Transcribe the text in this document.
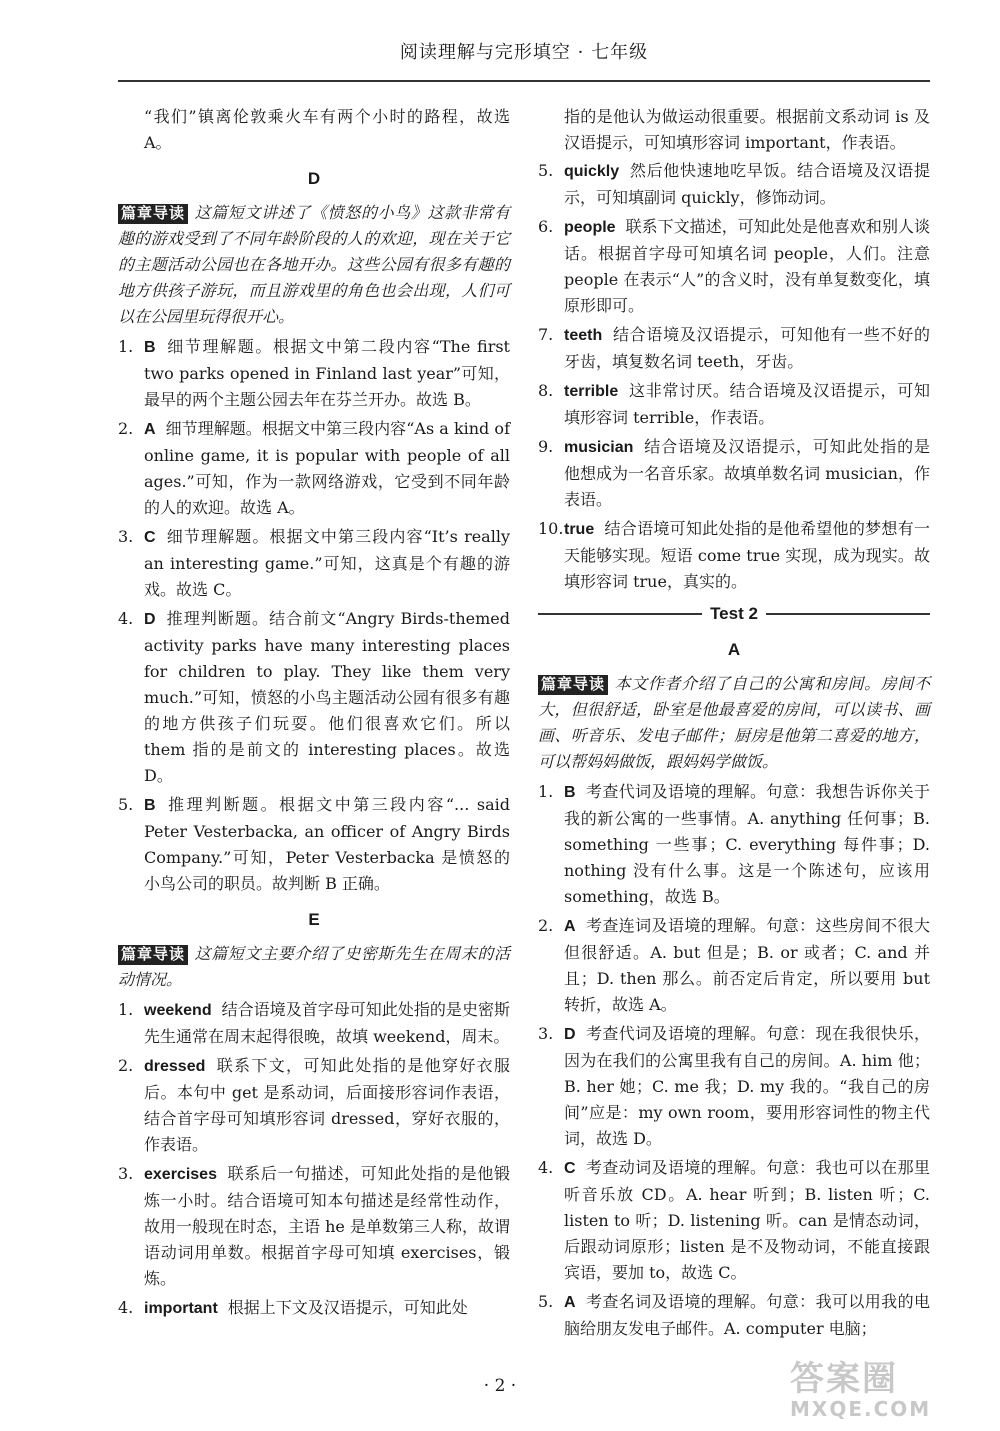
阅读理解与完形填空 · 七年级

“我们”镇离伦敦乘火车有两个小时的路程，故选 A。

D

篇章导读 这篇短文讲述了《愤怒的小鸟》这款非常有趣的游戏受到了不同年龄阶段的人的欢迎，现在关于它的主题活动公园也在各地开办。这些公园有很多有趣的地方供孩子游玩，而且游戏里的角色也会出现，人们可以在公园里玩得很开心。

1. B 细节理解题。根据文中第二段内容“The first two parks opened in Finland last year”可知，最早的两个主题公园去年在芬兰开办。故选 B。
2. A 细节理解题。根据文中第三段内容“As a kind of online game, it is popular with people of all ages.”可知，作为一款网络游戏，它受到不同年龄的人的欢迎。故选 A。
3. C 细节理解题。根据文中第三段内容“It’s really an interesting game.”可知，这真是个有趣的游戏。故选 C。
4. D 推理判断题。结合前文“Angry Birds-themed activity parks have many interesting places for children to play. They like them very much.”可知，愤怒的小鸟主题活动公园有很多有趣的地方供孩子们玩耍。他们很喜欢它们。所以 them 指的是前文的 interesting places。故选 D。
5. B 推理判断题。根据文中第三段内容“... said Peter Vesterbacka, an officer of Angry Birds Company.”可知，Peter Vesterbacka 是愤怒的小鸟公司的职员。故判断 B 正确。
E

篇章导读 这篇短文主要介绍了史密斯先生在周末的活动情况。

1. weekend 结合语境及首字母可知此处指的是史密斯先生通常在周末起得很晚，故填 weekend，周末。
2. dressed 联系下文，可知此处指的是他穿好衣服后。本句中 get 是系动词，后面接形容词作表语，结合首字母可知填形容词 dressed，穿好衣服的，作表语。
3. exercises 联系后一句描述，可知此处指的是他锻炼一小时。结合语境可知本句描述是经常性动作，故用一般现在时态，主语 he 是单数第三人称，故谓语动词用单数。根据首字母可知填 exercises，锻炼。
4. important 根据上下文及汉语提示，可知此处

指的是他认为做运动很重要。根据前文系动词 is 及汉语提示，可知填形容词 important，作表语。

5. quickly 然后他快速地吃早饭。结合语境及汉语提示，可知填副词 quickly，修饰动词。
6. people 联系下文描述，可知此处是他喜欢和别人谈话。根据首字母可知填名词 people，人们。注意 people 在表示“人”的含义时，没有单复数变化，填原形即可。
7. teeth 结合语境及汉语提示，可知他有一些不好的牙齿，填复数名词 teeth，牙齿。
8. terrible 这非常讨厌。结合语境及汉语提示，可知填形容词 terrible，作表语。
9. musician 结合语境及汉语提示，可知此处指的是他想成为一名音乐家。故填单数名词 musician，作表语。
10. true 结合语境可知此处指的是他希望他的梦想有一天能够实现。短语 come true 实现，成为现实。故填形容词 true，真实的。
Test 2
A

篇章导读 本文作者介绍了自己的公寓和房间。房间不大，但很舒适，卧室是他最喜爱的房间，可以读书、画画、听音乐、发电子邮件；厨房是他第二喜爱的地方，可以帮妈妈做饭，跟妈妈学做饭。

1. B 考查代词及语境的理解。句意：我想告诉你关于我的新公寓的一些事情。A. anything 任何事；B. something 一些事；C. everything 每件事；D. nothing 没有什么事。这是一个陈述句，应该用 something，故选 B。
2. A 考查连词及语境的理解。句意：这些房间不很大但很舒适。A. but 但是；B. or 或者；C. and 并且；D. then 那么。前否定后肯定，所以要用 but 转折，故选 A。
3. D 考查代词及语境的理解。句意：现在我很快乐，因为在我们的公寓里我有自己的房间。A. him 他；B. her 她；C. me 我；D. my 我的。“我自己的房间”应是：my own room，要用形容词性的物主代词，故选 D。
4. C 考查动词及语境的理解。句意：我也可以在那里听音乐放 CD。A. hear 听到；B. listen 听；C. listen to 听；D. listening 听。can 是情态动词，后跟动词原形；listen 是不及物动词，不能直接跟宾语，要加 to，故选 C。
5. A 考查名词及语境的理解。句意：我可以用我的电脑给朋友发电子邮件。A. computer 电脑；
· 2 ·	答案圈
MXQE.COM
